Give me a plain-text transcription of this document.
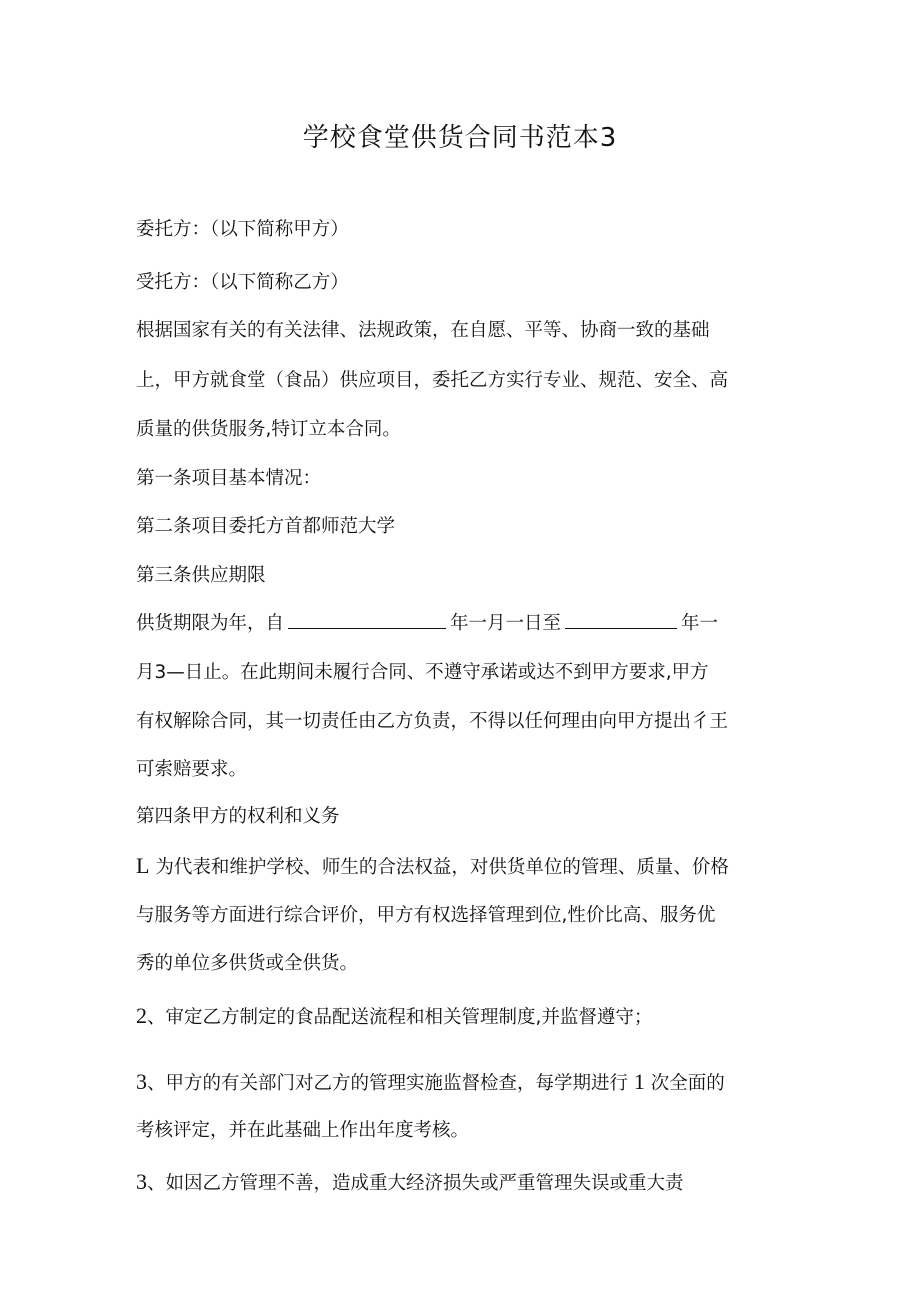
学校食堂供货合同书范本3
委托方：（以下简称甲方）
受托方：（以下简称乙方）
根据国家有关的有关法律、法规政策，在自愿、平等、协商一致的基础
上，甲方就食堂（食品）供应项目，委托乙方实行专业、规范、安全、高
质量的供货服务,特订立本合同。
第一条项目基本情况：
第二条项目委托方首都师范大学
第三条供应期限
供货期限为年，自	年一月一日至	年一
月3—日止。在此期间未履行合同、不遵守承诺或达不到甲方要求,甲方
有权解除合同，其一切责任由乙方负责，不得以任何理由向甲方提出彳王
可索赔要求。
第四条甲方的权利和义务
L 为代表和维护学校、师生的合法权益，对供货单位的管理、质量、价格
与服务等方面进行综合评价，甲方有权选择管理到位,性价比高、服务优
秀的单位多供货或全供货。
2、审定乙方制定的食品配送流程和相关管理制度,并监督遵守；
3、甲方的有关部门对乙方的管理实施监督检查，每学期进行 1 次全面的
考核评定，并在此基础上作出年度考核。
3、如因乙方管理不善，造成重大经济损失或严重管理失误或重大责
